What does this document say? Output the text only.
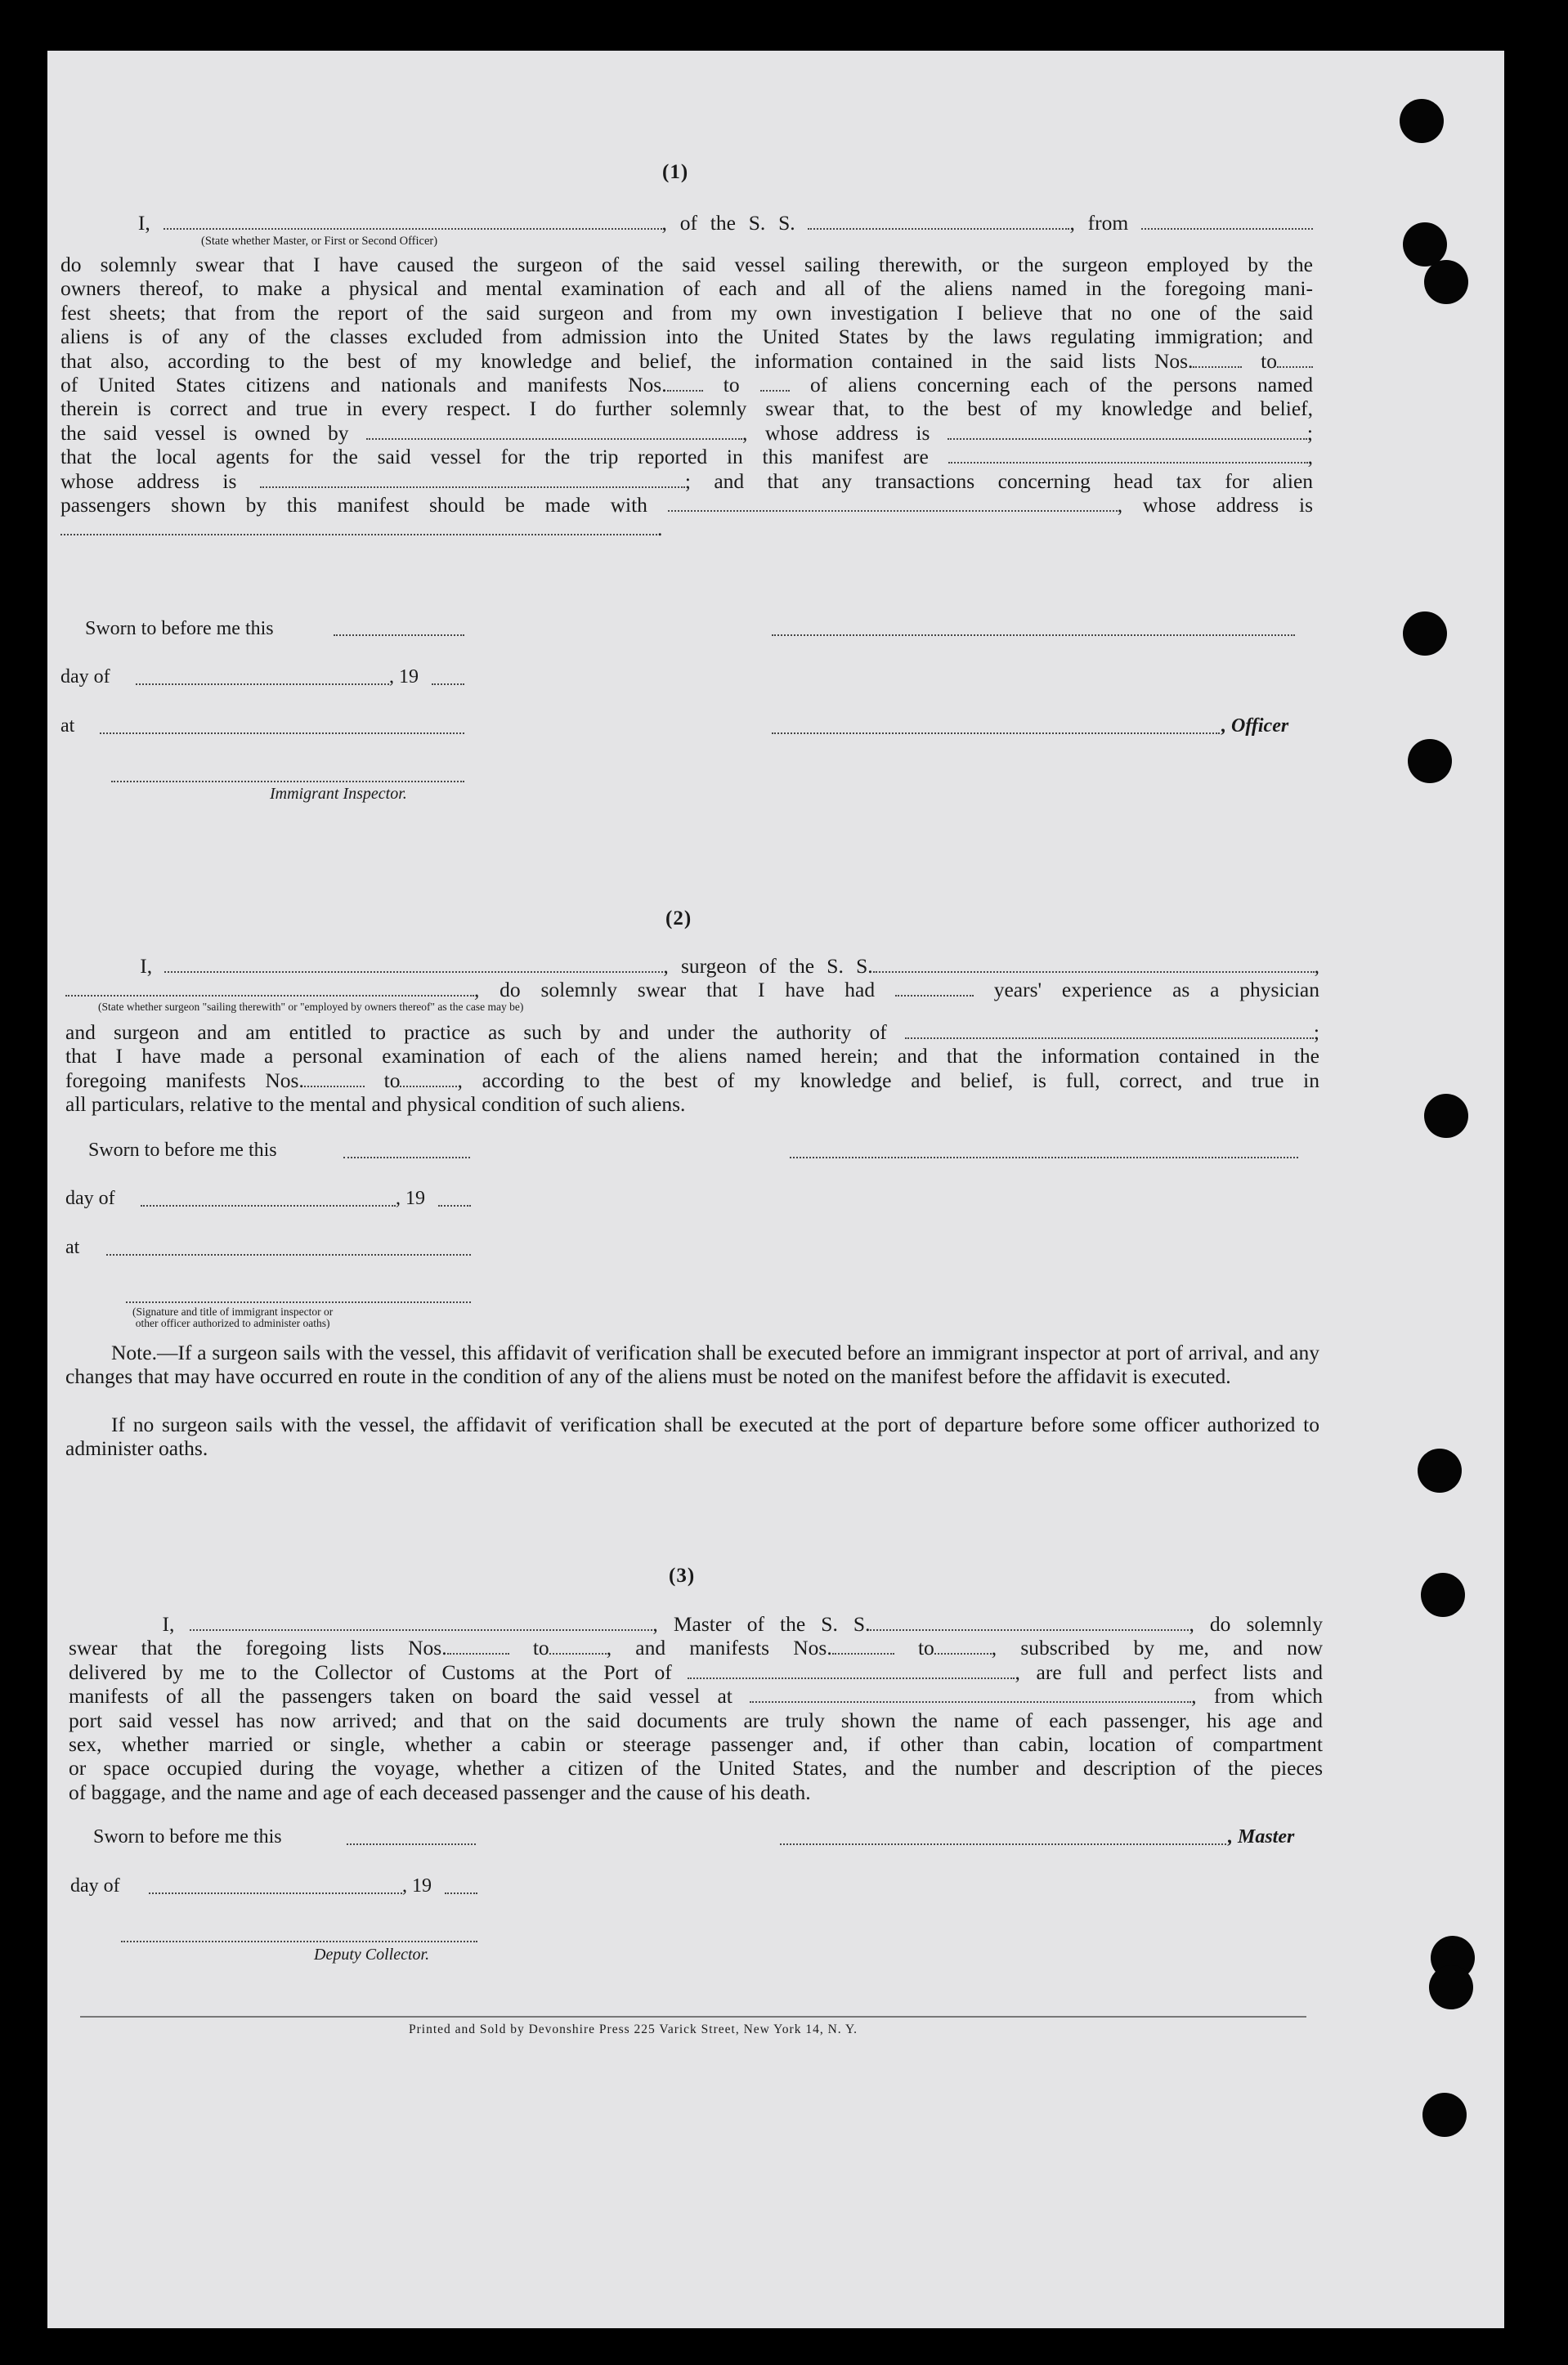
(1)
I,	, of the S. S.	, from
(State whether Master, or First or Second Officer)
do solemnly swear that I have caused the surgeon of the said vessel sailing therewith, or the surgeon employed by the
owners thereof, to make a physical and mental examination of each and all of the aliens named in the foregoing mani-
fest sheets; that from the report of the said surgeon and from my own investigation I believe that no one of the said
aliens is of any of the classes excluded from admission into the United States by the laws regulating immigration; and
that also, according to the best of my knowledge and belief, the information contained in the said lists Nos.	to
of United States citizens and nationals and manifests Nos.	to	of aliens concerning each of the persons named
therein is correct and true in every respect. I do further solemnly swear that, to the best of my knowledge and belief,
the said vessel is owned by	, whose address is	;
that the local agents for the said vessel for the trip reported in this manifest are	,
whose address is	; and that any transactions concerning head tax for alien
passengers shown by this manifest should be made with	, whose address is
.
Sworn to before me this
day of	, 19
at	, Officer
Immigrant Inspector.
(2)
I,	, surgeon of the S. S.	,
, do solemnly swear that I have had	years' experience as a physician
(State whether surgeon "sailing therewith" or "employed by owners thereof" as the case may be)
and surgeon and am entitled to practice as such by and under the authority of	;
that I have made a personal examination of each of the aliens named herein; and that the information contained in the
foregoing manifests Nos.	to	, according to the best of my knowledge and belief, is full, correct, and true in
all particulars, relative to the mental and physical condition of such aliens.
Sworn to before me this
day of	, 19
at
(Signature and title of immigrant inspector or
other officer authorized to administer oaths)
Note.—If a surgeon sails with the vessel, this affidavit of verification shall be executed before an immigrant inspector at port of arrival, and any changes that may have occurred en route in the condition of any of the aliens must be noted on the manifest before the affidavit is executed.
If no surgeon sails with the vessel, the affidavit of verification shall be executed at the port of departure before some officer authorized to administer oaths.
(3)
I,	, Master of the S. S.	, do solemnly
swear that the foregoing lists Nos.	to	, and manifests Nos.	to	, subscribed by me, and now
delivered by me to the Collector of Customs at the Port of	, are full and perfect lists and
manifests of all the passengers taken on board the said vessel at	, from which
port said vessel has now arrived; and that on the said documents are truly shown the name of each passenger, his age and
sex, whether married or single, whether a cabin or steerage passenger and, if other than cabin, location of compartment
or space occupied during the voyage, whether a citizen of the United States, and the number and description of the pieces
of baggage, and the name and age of each deceased passenger and the cause of his death.
Sworn to before me this	, Master
day of	, 19
Deputy Collector.
Printed and Sold by Devonshire Press 225 Varick Street, New York 14, N. Y.
